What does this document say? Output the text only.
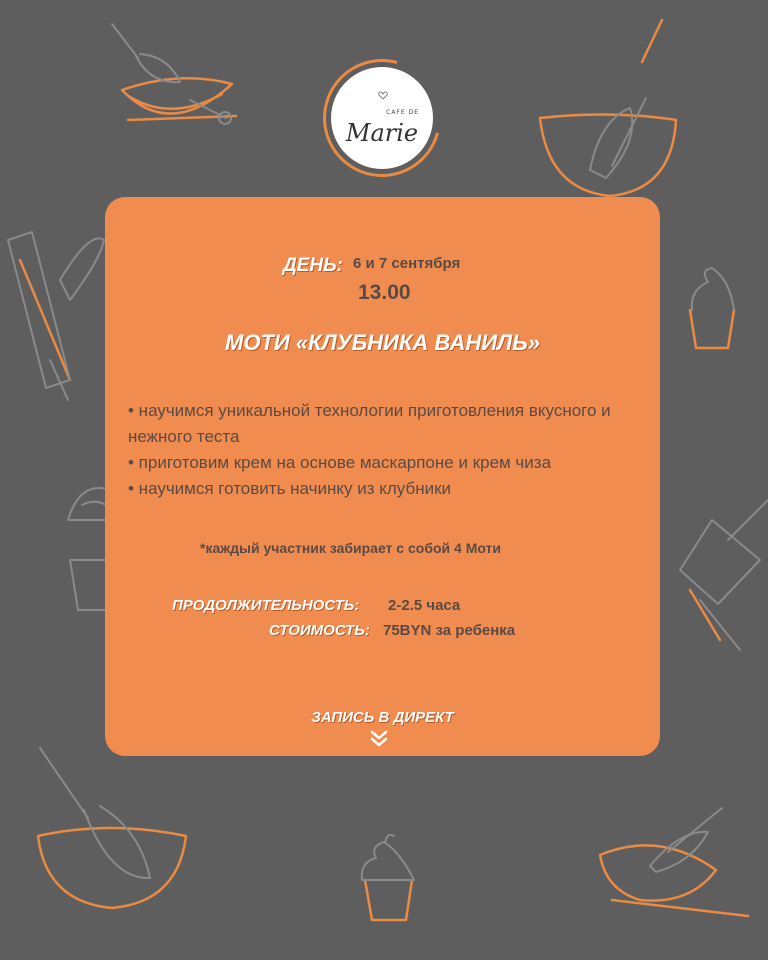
CAFE DE
Marie
ДЕНЬ: 6 и 7 сентября
13.00
МОТИ «КЛУБНИКА ВАНИЛЬ»
• научимся уникальной технологии приготовления вкусного и нежного теста
• приготовим крем на основе маскарпоне и крем чиза
• научимся готовить начинку из клубники
*каждый участник забирает с собой 4 Моти
ПРОДОЛЖИТЕЛЬНОСТЬ: 2-2.5 часа
СТОИМОСТЬ: 75BYN за ребенка
ЗАПИСЬ В ДИРЕКТ
